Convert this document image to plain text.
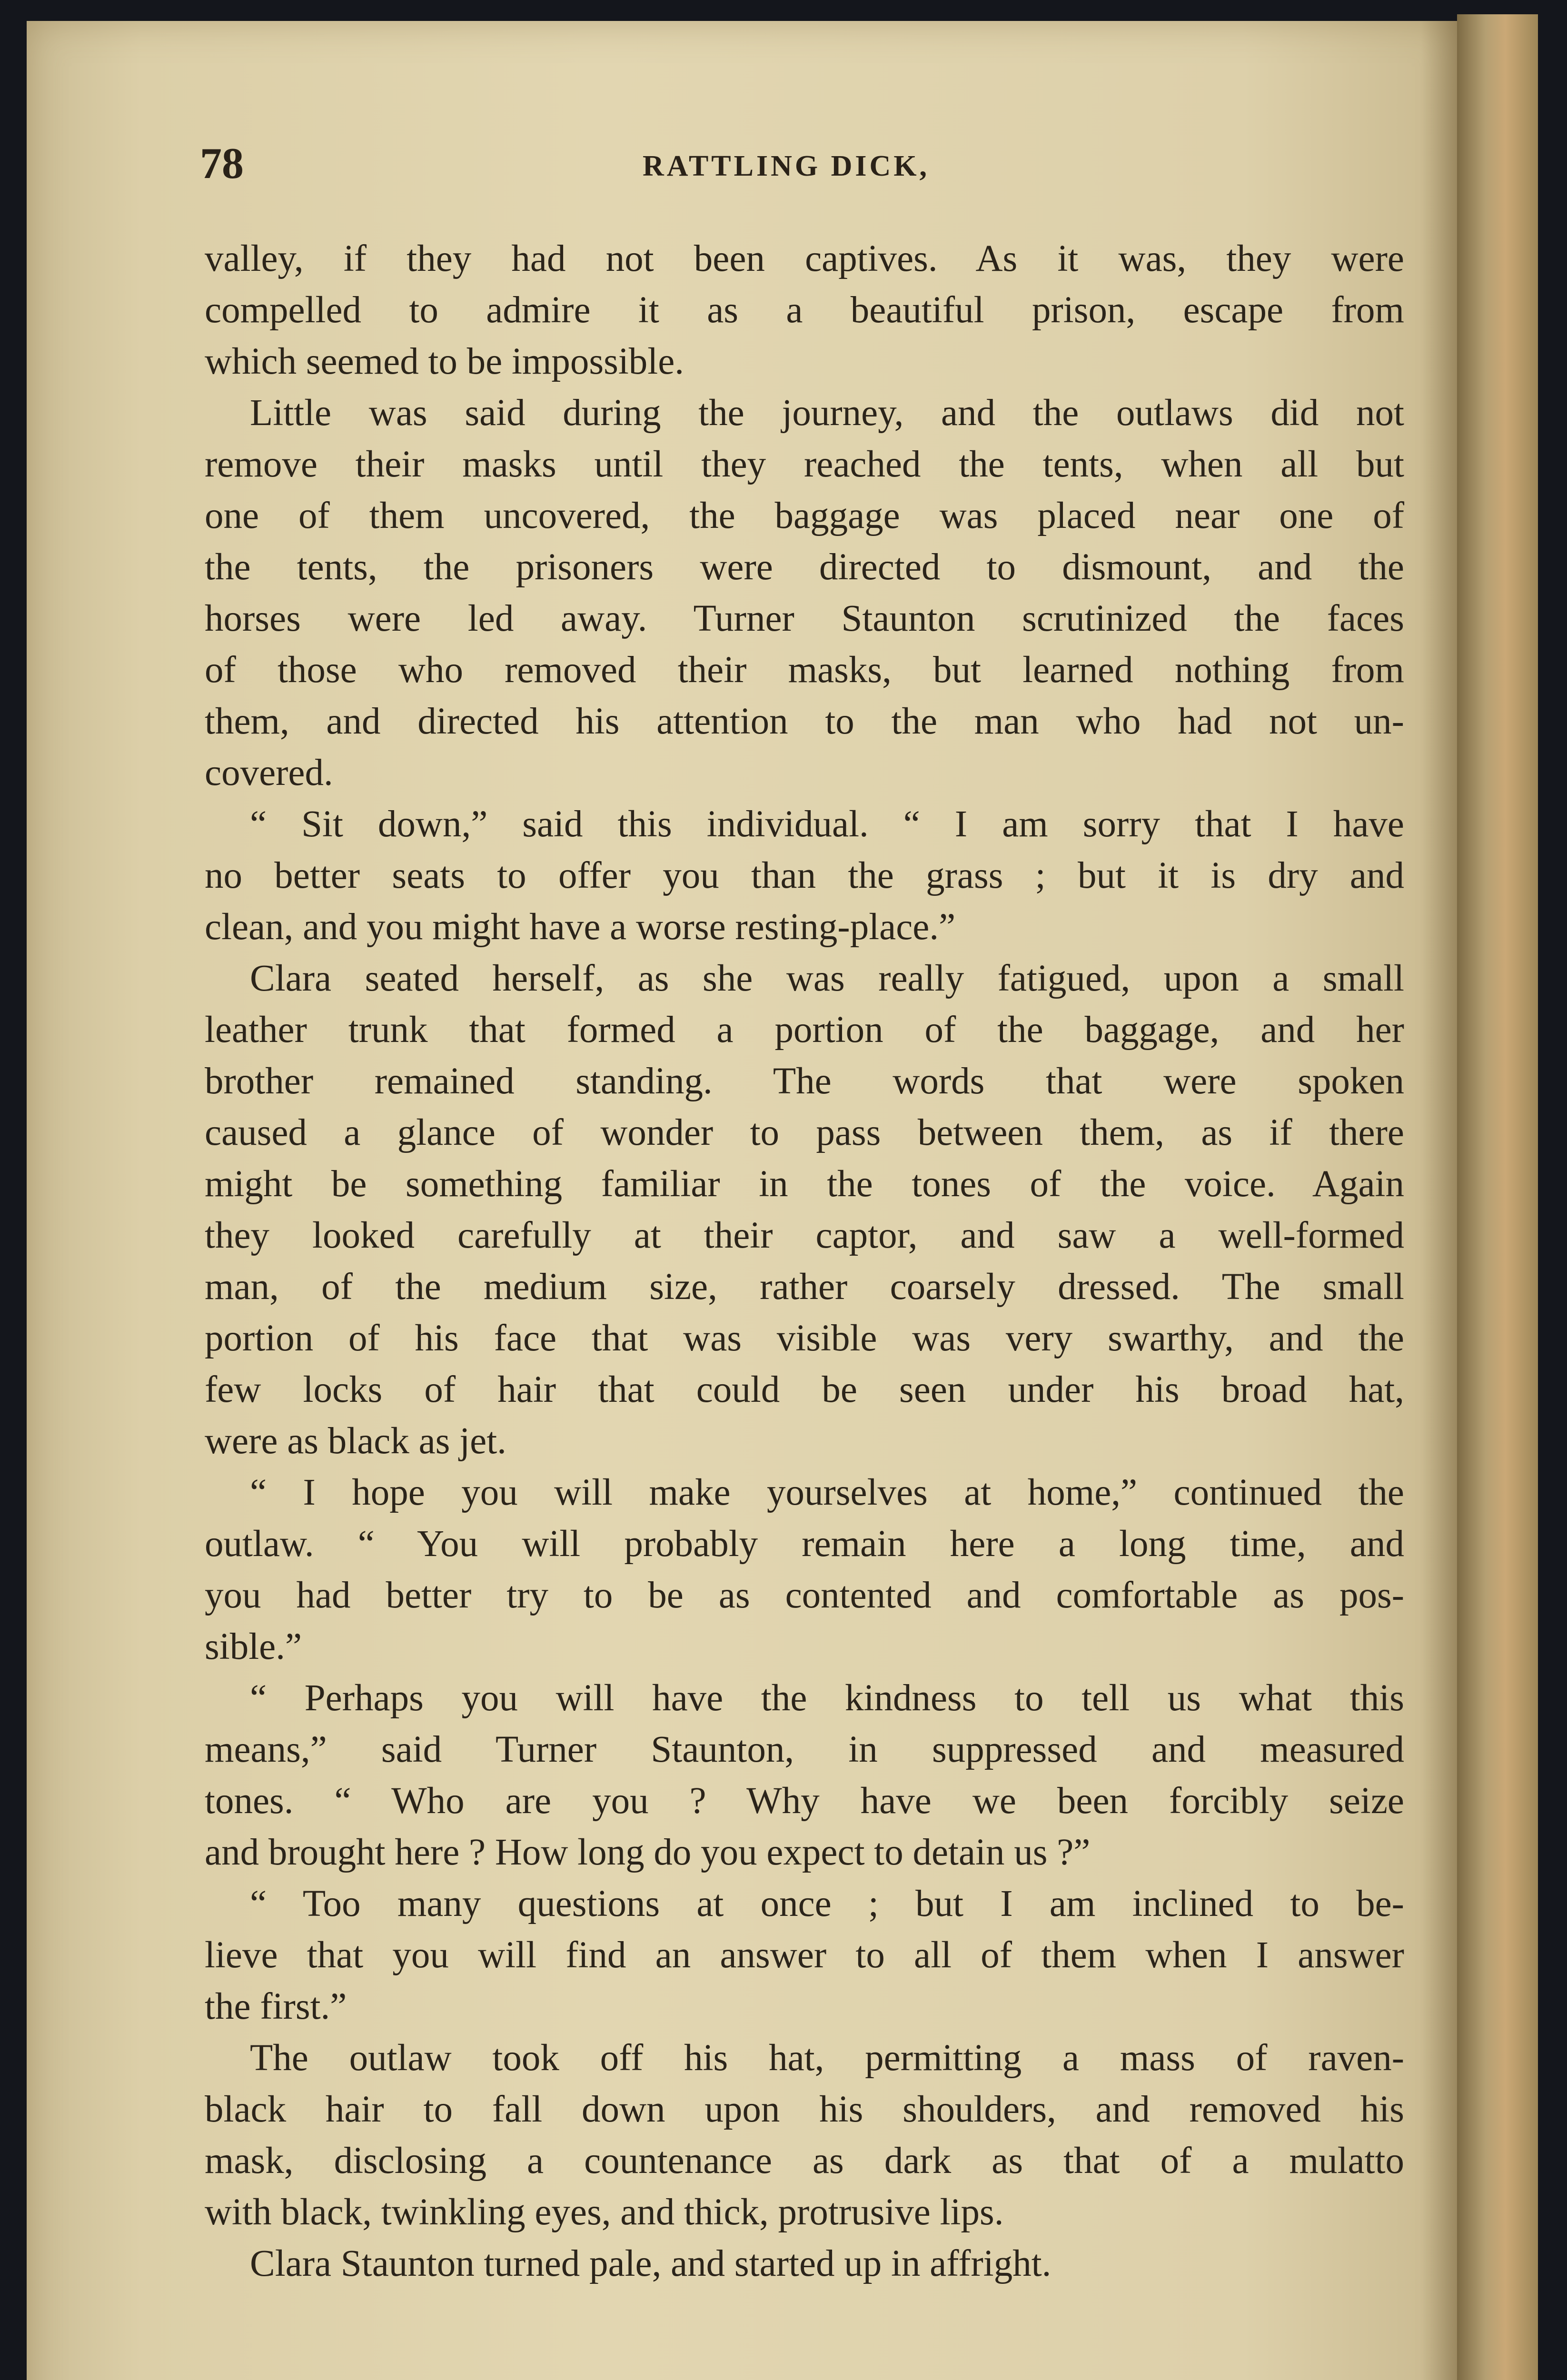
78	RATTLING DICK,
valley, if they had not been captives. As it was, they were
compelled to admire it as a beautiful prison, escape from
which seemed to be impossible.
Little was said during the journey, and the outlaws did not
remove their masks until they reached the tents, when all but
one of them uncovered, the baggage was placed near one of
the tents, the prisoners were directed to dismount, and the
horses were led away. Turner Staunton scrutinized the faces
of those who removed their masks, but learned nothing from
them, and directed his attention to the man who had not un-
covered.
“ Sit down,” said this individual. “ I am sorry that I have
no better seats to offer you than the grass ; but it is dry and
clean, and you might have a worse resting-place.”
Clara seated herself, as she was really fatigued, upon a small
leather trunk that formed a portion of the baggage, and her
brother remained standing. The words that were spoken
caused a glance of wonder to pass between them, as if there
might be something familiar in the tones of the voice. Again
they looked carefully at their captor, and saw a well-formed
man, of the medium size, rather coarsely dressed. The small
portion of his face that was visible was very swarthy, and the
few locks of hair that could be seen under his broad hat,
were as black as jet.
“ I hope you will make yourselves at home,” continued the
outlaw. “ You will probably remain here a long time, and
you had better try to be as contented and comfortable as pos-
sible.”
“ Perhaps you will have the kindness to tell us what this
means,” said Turner Staunton, in suppressed and measured
tones. “ Who are you ? Why have we been forcibly seize
and brought here ? How long do you expect to detain us ?”
“ Too many questions at once ; but I am inclined to be-
lieve that you will find an answer to all of them when I answer
the first.”
The outlaw took off his hat, permitting a mass of raven-
black hair to fall down upon his shoulders, and removed his
mask, disclosing a countenance as dark as that of a mulatto
with black, twinkling eyes, and thick, protrusive lips.
Clara Staunton turned pale, and started up in affright.
